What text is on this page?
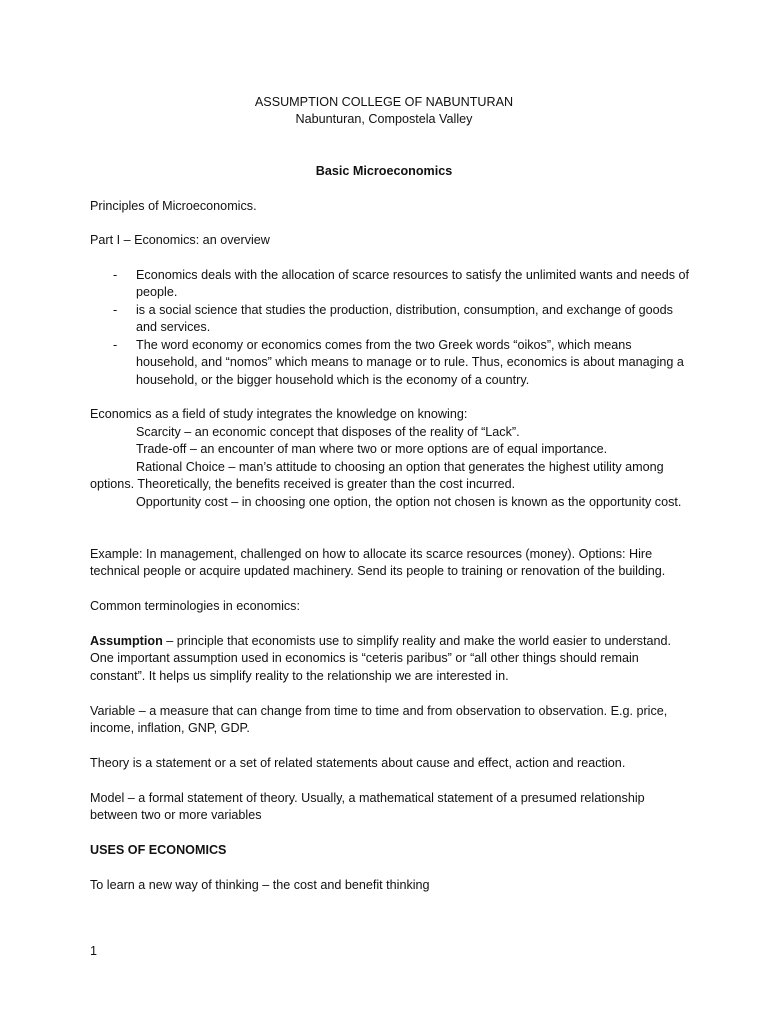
ASSUMPTION COLLEGE OF NABUNTURAN
Nabunturan, Compostela Valley
Basic Microeconomics
Principles of Microeconomics.
Part I – Economics: an overview
- Economics deals with the allocation of scarce resources to satisfy the unlimited wants and needs of people.
- is a social science that studies the production, distribution, consumption, and exchange of goods and services.
- The word economy or economics comes from the two Greek words “oikos”, which means household, and “nomos” which means to manage or to rule. Thus, economics is about managing a household, or the bigger household which is the economy of a country.
Economics as a field of study integrates the knowledge on knowing:
Scarcity – an economic concept that disposes of the reality of “Lack”.
Trade-off – an encounter of man where two or more options are of equal importance.
Rational Choice – man’s attitude to choosing an option that generates the highest utility among options. Theoretically, the benefits received is greater than the cost incurred.
Opportunity cost – in choosing one option, the option not chosen is known as the opportunity cost.
Example: In management, challenged on how to allocate its scarce resources (money). Options: Hire technical people or acquire updated machinery. Send its people to training or renovation of the building.
Common terminologies in economics:
Assumption – principle that economists use to simplify reality and make the world easier to understand. One important assumption used in economics is “ceteris paribus” or “all other things should remain constant”. It helps us simplify reality to the relationship we are interested in.
Variable – a measure that can change from time to time and from observation to observation. E.g. price, income, inflation, GNP, GDP.
Theory is a statement or a set of related statements about cause and effect, action and reaction.
Model – a formal statement of theory. Usually, a mathematical statement of a presumed relationship between two or more variables
USES OF ECONOMICS
To learn a new way of thinking – the cost and benefit thinking
1
